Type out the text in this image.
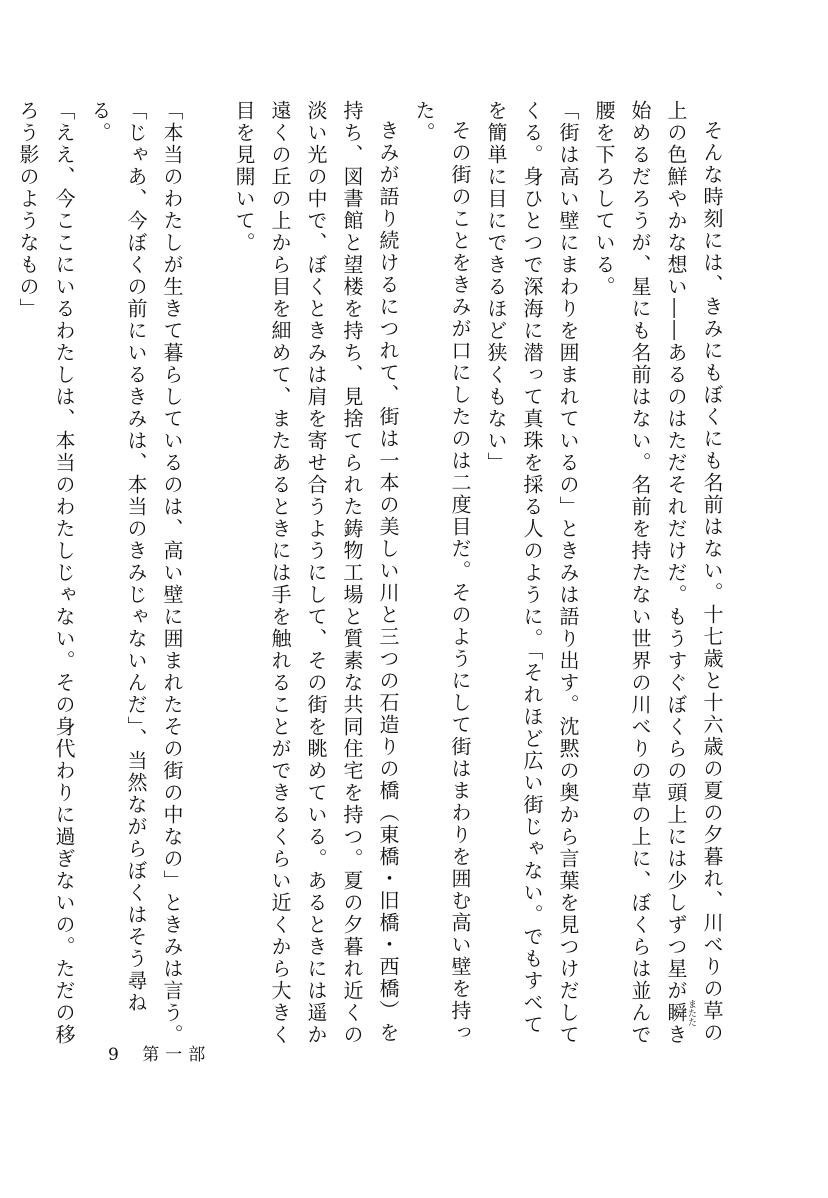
そんな時刻には、きみにもぼくにも名前はない。十七歳と十六歳の夏の夕暮れ、川べりの草の上の色鮮やかな想い――あるのはただそれだけだ。もうすぐぼくらの頭上には少しずつ星が瞬またたき始めるだろうが、星にも名前はない。名前を持たない世界の川べりの草の上に、ぼくらは並んで腰を下ろしている。

「街は高い壁にまわりを囲まれているの」ときみは語り出す。沈黙の奥から言葉を見つけだしてくる。身ひとつで深海に潜って真珠を採る人のように。「それほど広い街じゃない。でもすべてを簡単に目にできるほど狭くもない」

その街のことをきみが口にしたのは二度目だ。そのようにして街はまわりを囲む高い壁を持った。

きみが語り続けるにつれて、街は一本の美しい川と三つの石造りの橋（東橋・旧橋・西橋）を持ち、図書館と望楼を持ち、見捨てられた鋳物工場と質素な共同住宅を持つ。夏の夕暮れ近くの淡い光の中で、ぼくときみは肩を寄せ合うようにして、その街を眺めている。あるときには遥か遠くの丘の上から目を細めて、またあるときには手を触れることができるくらい近くから大きく目を見開いて。

「本当のわたしが生きて暮らしているのは、高い壁に囲まれたその街の中なの」ときみは言う。

「じゃあ、今ぼくの前にいるきみは、本当のきみじゃないんだ」、当然ながらぼくはそう尋ねる。

「ええ、今ここにいるわたしは、本当のわたしじゃない。その身代わりに過ぎないの。ただの移ろう影のようなもの」

9 第一部
